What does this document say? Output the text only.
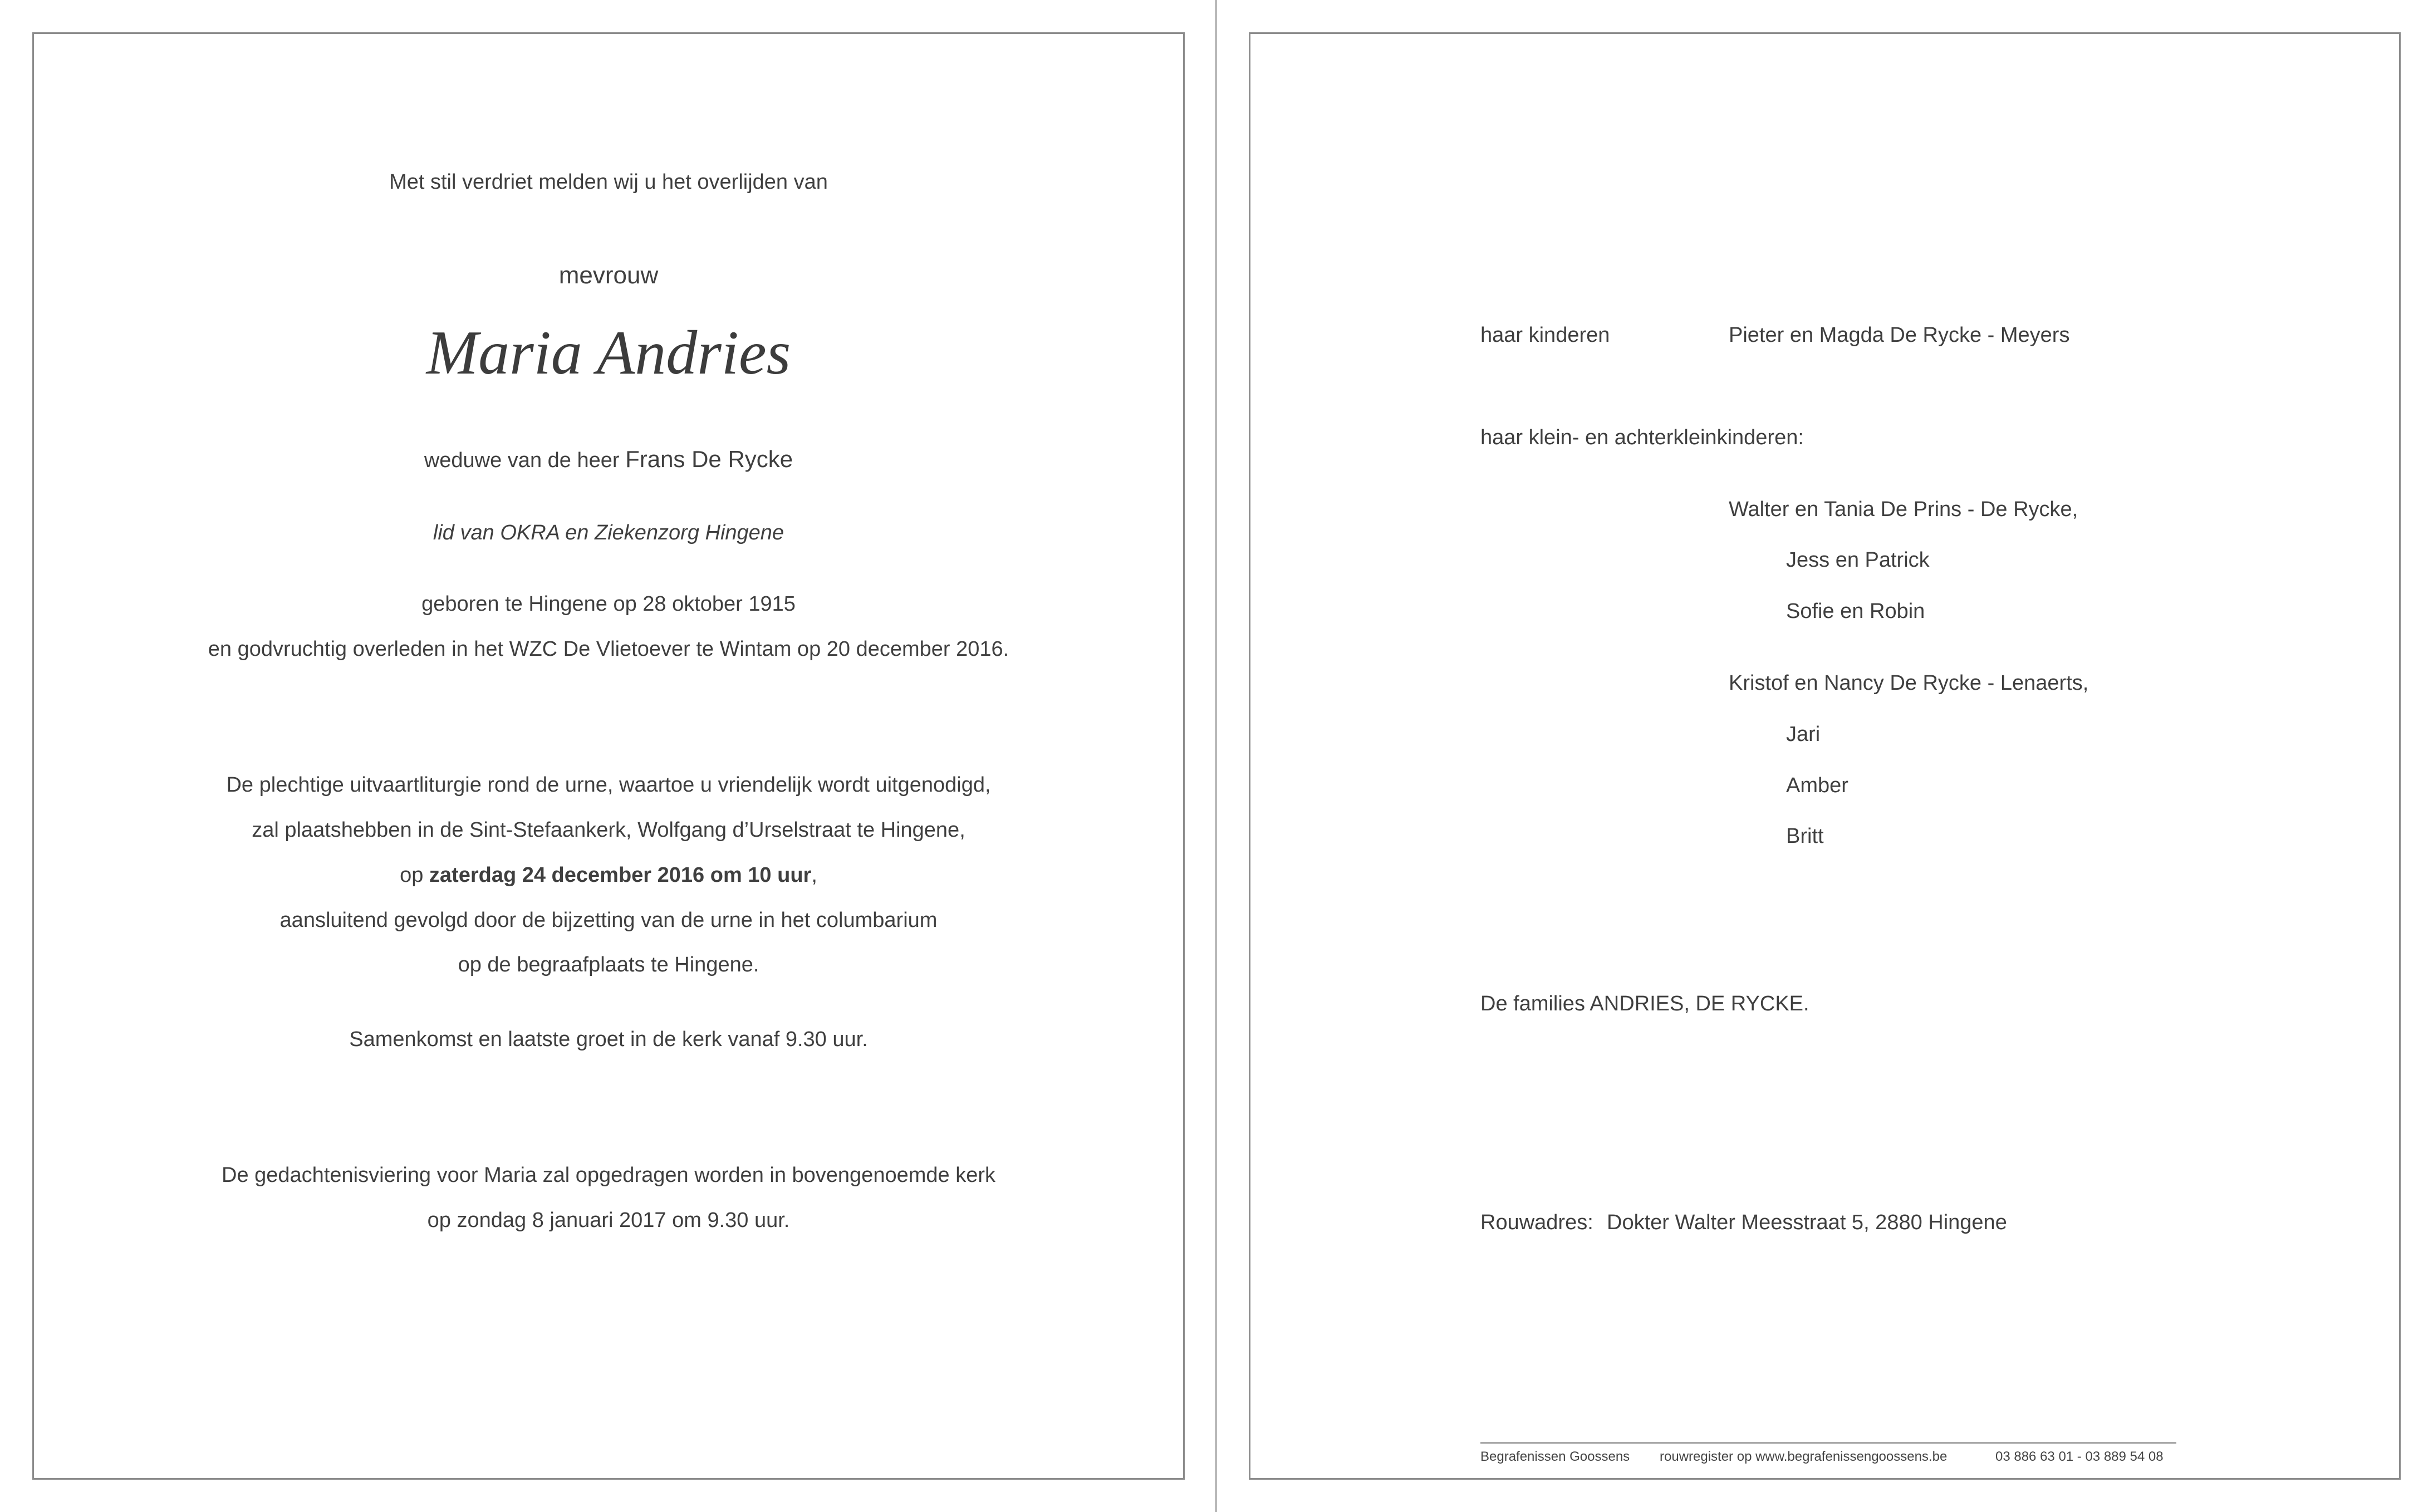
Met stil verdriet melden wij u het overlijden van
mevrouw
Maria Andries
weduwe van de heer Frans De Rycke
lid van OKRA en Ziekenzorg Hingene
geboren te Hingene op 28 oktober 1915
en godvruchtig overleden in het WZC De Vlietoever te Wintam op 20 december 2016.
De plechtige uitvaartliturgie rond de urne, waartoe u vriendelijk wordt uitgenodigd,
zal plaatshebben in de Sint-Stefaankerk, Wolfgang d’Urselstraat te Hingene,
op zaterdag 24 december 2016 om 10 uur,
aansluitend gevolgd door de bijzetting van de urne in het columbarium
op de begraafplaats te Hingene.
Samenkomst en laatste groet in de kerk vanaf 9.30 uur.
De gedachtenisviering voor Maria zal opgedragen worden in bovengenoemde kerk
op zondag 8 januari 2017 om 9.30 uur.
haar kinderen	Pieter en Magda De Rycke - Meyers
haar klein- en achterkleinkinderen:
Walter en Tania De Prins - De Rycke,
Jess en Patrick
Sofie en Robin
Kristof en Nancy De Rycke - Lenaerts,
Jari
Amber
Britt
De families ANDRIES, DE RYCKE.
Rouwadres: Dokter Walter Meesstraat 5, 2880 Hingene
Begrafenissen Goossens rouwregister op www.begrafenissengoossens.be	03 886 63 01 - 03 889 54 08
